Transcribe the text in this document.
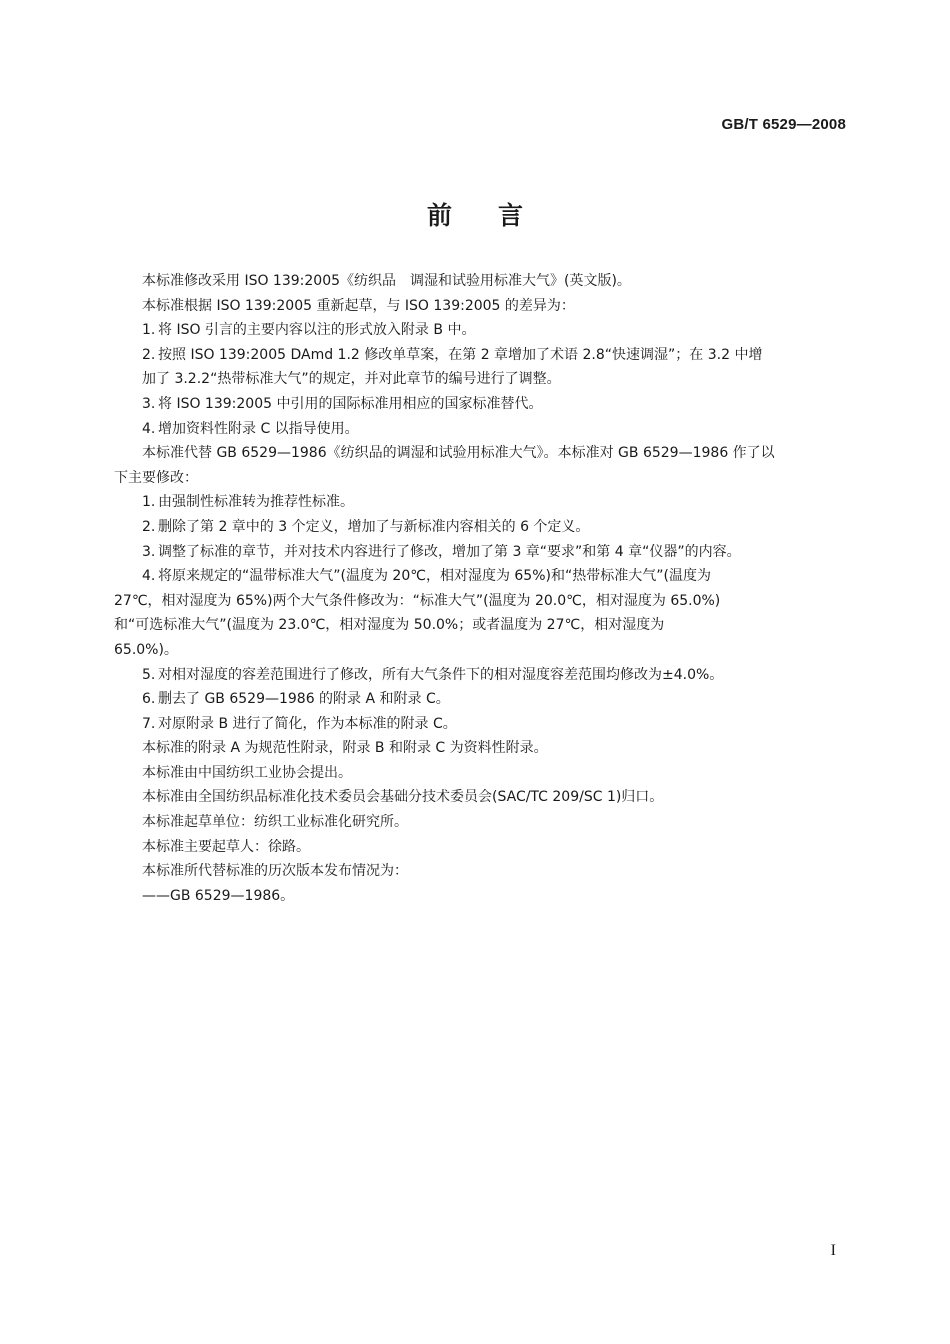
GB/T 6529—2008
前 言

本标准修改采用 ISO 139:2005《纺织品　调湿和试验用标准大气》(英文版)。

本标准根据 ISO 139:2005 重新起草，与 ISO 139:2005 的差异为：

1. 将 ISO 引言的主要内容以注的形式放入附录 B 中。

2. 按照 ISO 139:2005 DAmd 1.2 修改单草案，在第 2 章增加了术语 2.8“快速调湿”；在 3.2 中增

加了 3.2.2“热带标准大气”的规定，并对此章节的编号进行了调整。

3. 将 ISO 139:2005 中引用的国际标准用相应的国家标准替代。

4. 增加资料性附录 C 以指导使用。

本标准代替 GB 6529—1986《纺织品的调湿和试验用标准大气》。本标准对 GB 6529—1986 作了以

下主要修改：

1. 由强制性标准转为推荐性标准。

2. 删除了第 2 章中的 3 个定义，增加了与新标准内容相关的 6 个定义。

3. 调整了标准的章节，并对技术内容进行了修改，增加了第 3 章“要求”和第 4 章“仪器”的内容。

4. 将原来规定的“温带标准大气”(温度为 20℃，相对湿度为 65%)和“热带标准大气”(温度为

27℃，相对湿度为 65%)两个大气条件修改为：“标准大气”(温度为 20.0℃，相对湿度为 65.0%)

和“可选标准大气”(温度为 23.0℃，相对湿度为 50.0%；或者温度为 27℃，相对湿度为

65.0%)。

5. 对相对湿度的容差范围进行了修改，所有大气条件下的相对湿度容差范围均修改为±4.0%。

6. 删去了 GB 6529—1986 的附录 A 和附录 C。

7. 对原附录 B 进行了简化，作为本标准的附录 C。

本标准的附录 A 为规范性附录，附录 B 和附录 C 为资料性附录。

本标准由中国纺织工业协会提出。

本标准由全国纺织品标准化技术委员会基础分技术委员会(SAC/TC 209/SC 1)归口。

本标准起草单位：纺织工业标准化研究所。

本标准主要起草人：徐路。

本标准所代替标准的历次版本发布情况为：

——GB 6529—1986。

I
